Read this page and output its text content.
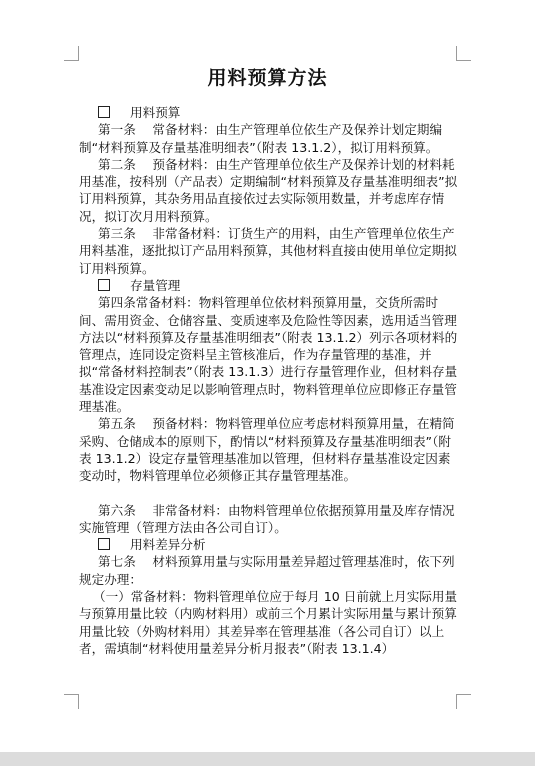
用料预算方法

用料预算

第一条　 常备材料：由生产管理单位依生产及保养计划定期编制“材料预算及存量基准明细表”（附表 13.1.2），拟订用料预算。

第二条　 预备材料：由生产管理单位依生产及保养计划的材料耗用基准，按科别（产品表）定期编制“材料预算及存量基准明细表”拟订用料预算，其杂务用品直接依过去实际领用数量，并考虑库存情况，拟订次月用料预算。

第三条　 非常备材料：订货生产的用料，由生产管理单位依生产用料基准，逐批拟订产品用料预算，其他材料直接由使用单位定期拟订用料预算。

存量管理

第四条常备材料：物料管理单位依材料预算用量，交货所需时间、需用资金、仓储容量、变质速率及危险性等因素，选用适当管理方法以“材料预算及存量基准明细表”（附表 13.1.2）列示各项材料的管理点，连同设定资料呈主管核准后，作为存量管理的基准，并拟“常备材料控制表”（附表 13.1.3）进行存量管理作业，但材料存量基准设定因素变动足以影响管理点时，物料管理单位应即修正存量管理基准。

第五条　 预备材料：物料管理单位应考虑材料预算用量，在精简采购、仓储成本的原则下，酌情以“材料预算及存量基准明细表”（附表 13.1.2）设定存量管理基准加以管理，但材料存量基准设定因素变动时，物料管理单位必须修正其存量管理基准。

第六条　 非常备材料：由物料管理单位依据预算用量及库存情况实施管理（管理方法由各公司自订）。

用料差异分析

第七条　 材料预算用量与实际用量差异超过管理基准时，依下列规定办理：

（一）常备材料：物料管理单位应于每月 10 日前就上月实际用量与预算用量比较（内购材料用）或前三个月累计实际用量与累计预算用量比较（外购材料用）其差异率在管理基准（各公司自订）以上者，需填制“材料使用量差异分析月报表”（附表 13.1.4）
